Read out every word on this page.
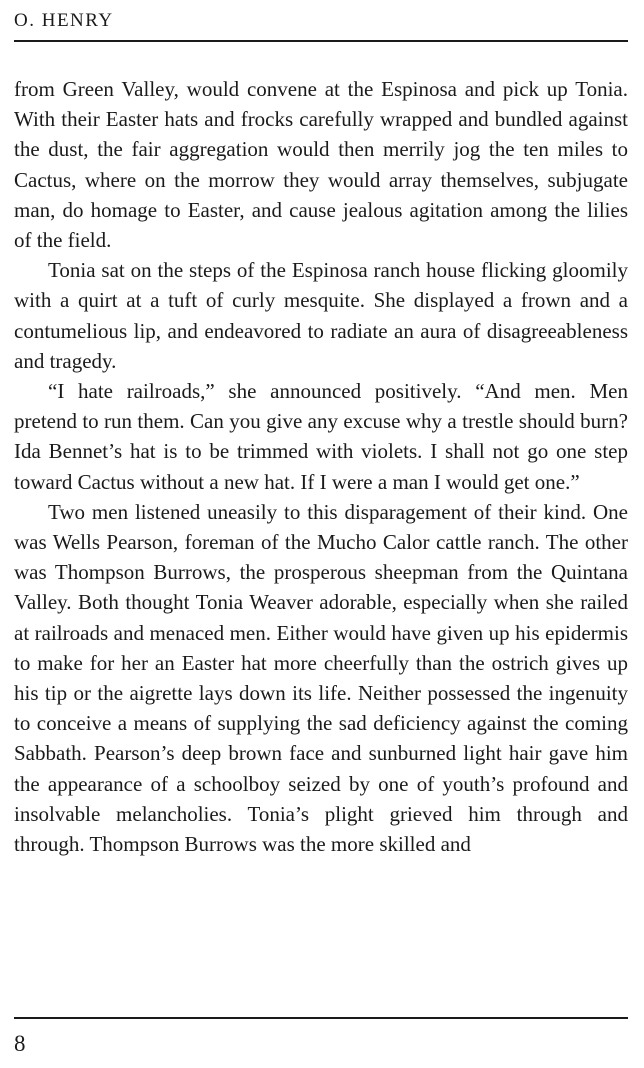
O. HENRY

from Green Valley, would convene at the Espinosa and pick up Tonia. With their Easter hats and frocks carefully wrapped and bundled against the dust, the fair aggregation would then merrily jog the ten miles to Cactus, where on the morrow they would array themselves, subjugate man, do homage to Easter, and cause jealous agitation among the lilies of the field.

Tonia sat on the steps of the Espinosa ranch house flicking gloomily with a quirt at a tuft of curly mesquite. She displayed a frown and a contumelious lip, and endeavored to radiate an aura of disagreeableness and tragedy.

“I hate railroads,” she announced positively. “And men. Men pretend to run them. Can you give any excuse why a trestle should burn? Ida Bennet’s hat is to be trimmed with violets. I shall not go one step toward Cactus without a new hat. If I were a man I would get one.”

Two men listened uneasily to this disparagement of their kind. One was Wells Pearson, foreman of the Mucho Calor cattle ranch. The other was Thompson Burrows, the prosperous sheepman from the Quintana Valley. Both thought Tonia Weaver adorable, especially when she railed at railroads and menaced men. Either would have given up his epidermis to make for her an Easter hat more cheerfully than the ostrich gives up his tip or the aigrette lays down its life. Neither possessed the ingenuity to conceive a means of supplying the sad deficiency against the coming Sabbath. Pearson’s deep brown face and sunburned light hair gave him the appearance of a schoolboy seized by one of youth’s profound and insolvable melancholies. Tonia’s plight grieved him through and through. Thompson Burrows was the more skilled and

8
